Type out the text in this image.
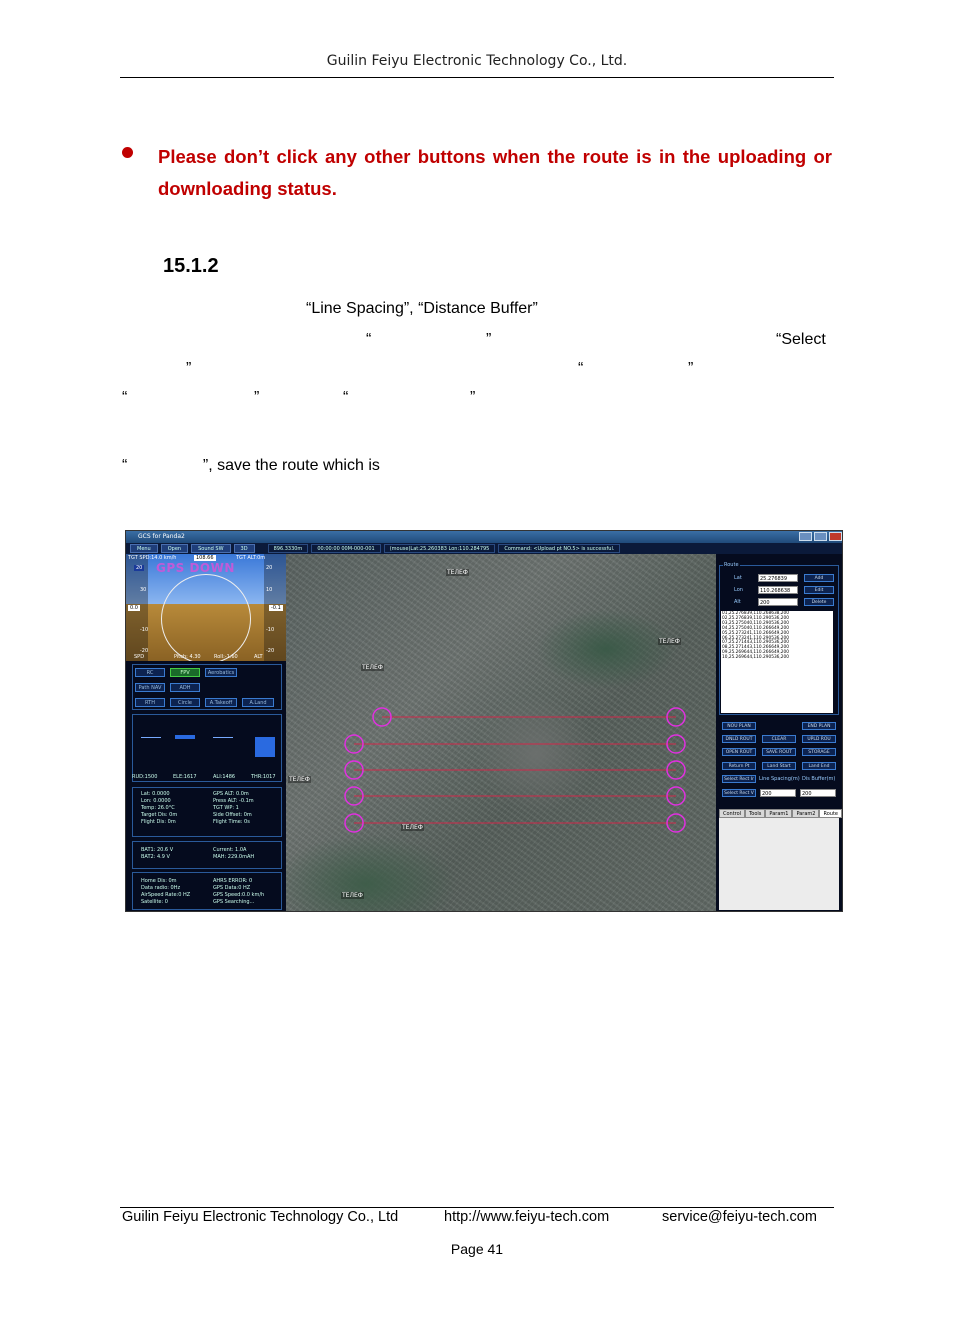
Guilin Feiyu Electronic Technology Co., Ltd.
Please don’t click any other buttons when the route is in the uploading or downloading status.
15.1.2
“Line Spacing”, “Distance Buffer”
“	”	“Select
”	“	”
“	”	“	”
“                 ”, save the route which is
GCS for Panda2
Menu	Open	Sound SW	3D	896.3330m	00:00:00 00M-000-001	(mouse)Lat:25.260383 Lon:110.284795	Command: <Upload pt NO.5> is successful.
TGT SPD:14.0 km/h	TGT ALT:0m
20
108.66
GPS DOWN
30
-10
-20
0.0
20
10
-10
-20
-0.1
SPD	Pitch: 4.30	Roll:-1.60	ALT
RC	FPV	Aerobatics
Path NAV	ADH
RTH	Circle	A.Takeoff	A.Land
RUD:1500	ELE:1617	ALI:1486	THR:1017
Lat: 0.0000
Lon: 0.0000
Temp: 26.0°C
Target Dis: 0m
Flight Dis: 0m
GPS ALT: 0.0m
Press ALT: -0.1m
TGT WP: 1
Side Offset: 0m
Flight Time: 0s
BAT1: 20.6 V
BAT2: 4.9 V
Current: 1.0A
MAH: 229.0mAH
Home Dis: 0m
Data radio: 0Hz
AirSpeed Rate:0 HZ
Satellite: 0
AHRS ERROR: 0
GPS Data:0 HZ
GPS Speed:0.0 km/h
GPS Searching...
ТЕЛЕФ
ТЕЛЕФ
ТЕЛЕФ
ТЕЛЕФ
ТЕЛЕФ
ТЕЛЕФ
Route
Lat	25.276839	Add
Lon	110.268638	Edit
Alt	200	Delete
01,25.276839,110.268638,200
02,25.276839,110.290536,200
03,25.275040,110.290536,200
04,25.275040,110.266649,200
05,25.273241,110.266649,200
06,25.273241,110.290536,200
07,25.271443,110.290536,200
08,25.271443,110.266649,200
09,25.269644,110.266649,200
10,25.269644,110.290536,200
NOU PLAN	END PLAN
DNLD ROUT	CLEAR	UPLD ROU
OPEN ROUT	SAVE ROUT	STORAGE
Return Pt	Land Start	Land End
Select Rect Ir	Line Spacing(m) Dis Buffer(m)
Select Rect V	200	200
Control	Tools	Param1	Param2	Route
Guilin Feiyu Electronic Technology Co., Ltd	http://www.feiyu-tech.com	service@feiyu-tech.com
Page 41
